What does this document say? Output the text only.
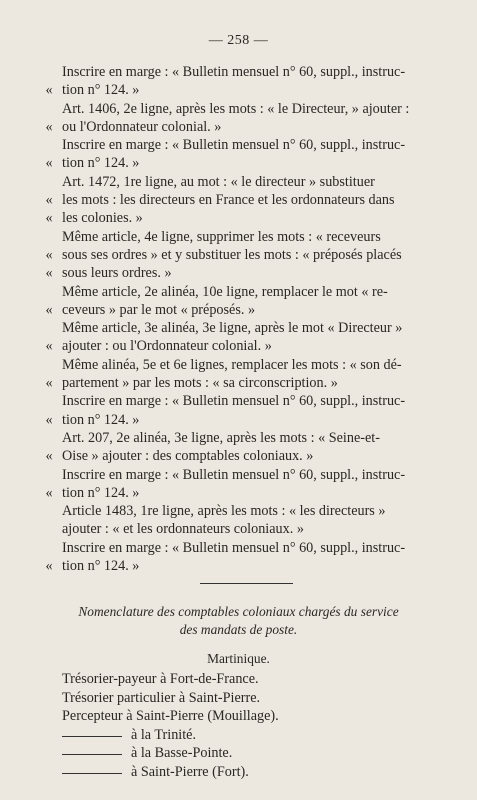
— 258 —
Inscrire en marge : « Bulletin mensuel n° 60, suppl., instruc-
« tion n° 124. »
Art. 1406, 2e ligne, après les mots : « le Directeur, » ajouter :
« ou l'Ordonnateur colonial. »
Inscrire en marge : « Bulletin mensuel n° 60, suppl., instruc-
« tion n° 124. »
Art. 1472, 1re ligne, au mot : « le directeur » substituer
« les mots : les directeurs en France et les ordonnateurs dans
« les colonies. »
Même article, 4e ligne, supprimer les mots : « receveurs
« sous ses ordres » et y substituer les mots : « préposés placés
« sous leurs ordres. »
Même article, 2e alinéa, 10e ligne, remplacer le mot « re-
« ceveurs » par le mot « préposés. »
Même article, 3e alinéa, 3e ligne, après le mot « Directeur »
« ajouter : ou l'Ordonnateur colonial. »
Même alinéa, 5e et 6e lignes, remplacer les mots : « son dé-
« partement » par les mots : « sa circonscription. »
Inscrire en marge : « Bulletin mensuel n° 60, suppl., instruc-
« tion n° 124. »
Art. 207, 2e alinéa, 3e ligne, après les mots : « Seine-et-
« Oise » ajouter : des comptables coloniaux. »
Inscrire en marge : « Bulletin mensuel n° 60, suppl., instruc-
« tion n° 124. »
Article 1483, 1re ligne, après les mots : « les directeurs »
ajouter : « et les ordonnateurs coloniaux. »
Inscrire en marge : « Bulletin mensuel n° 60, suppl., instruc-
« tion n° 124. »
Nomenclature des comptables coloniaux chargés du service
des mandats de poste.
Martinique.
Trésorier-payeur à Fort-de-France.
Trésorier particulier à Saint-Pierre.
Percepteur à Saint-Pierre (Mouillage).
à la Trinité.
à la Basse-Pointe.
à Saint-Pierre (Fort).
